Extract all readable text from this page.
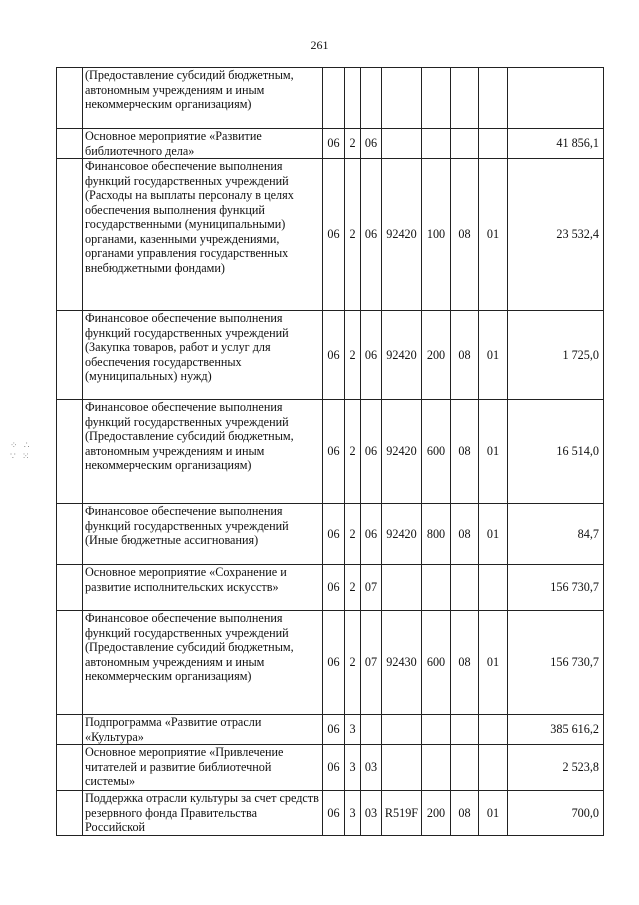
261
	(Предоставление субсидий бюджетным, автономным учреждениям и иным некоммерческим организациям)								
	Основное мероприятие «Развитие библиотечного дела»	06	2	06					41 856,1
	Финансовое обеспечение выполнения функций государственных учреждений (Расходы на выплаты персоналу в целях обеспечения выполнения функций государственными (муниципальными) органами, казенными учреждениями, органами управления государственных внебюджетными фондами)	06	2	06	92420	100	08	01	23 532,4
	Финансовое обеспечение выполнения функций государственных учреждений (Закупка товаров, работ и услуг для обеспечения государственных (муниципальных) нужд)	06	2	06	92420	200	08	01	1 725,0
	Финансовое обеспечение выполнения функций государственных учреждений (Предоставление субсидий бюджетным, автономным учреждениям и иным некоммерческим организациям)	06	2	06	92420	600	08	01	16 514,0
	Финансовое обеспечение выполнения функций государственных учреждений (Иные бюджетные ассигнования)	06	2	06	92420	800	08	01	84,7
	Основное мероприятие «Сохранение и развитие исполнительских искусств»	06	2	07					156 730,7
	Финансовое обеспечение выполнения функций государственных учреждений (Предоставление субсидий бюджетным, автономным учреждениям и иным некоммерческим организациям)	06	2	07	92430	600	08	01	156 730,7
	Подпрограмма «Развитие отрасли «Культура»	06	3						385 616,2
	Основное мероприятие «Привлечение читателей и развитие библиотечной системы»	06	3	03					2 523,8
	Поддержка отрасли культуры за счет средств резервного фонда Правительства Российской	06	3	03	R519F	200	08	01	700,0
⁘ ∴
∵ ⁙
